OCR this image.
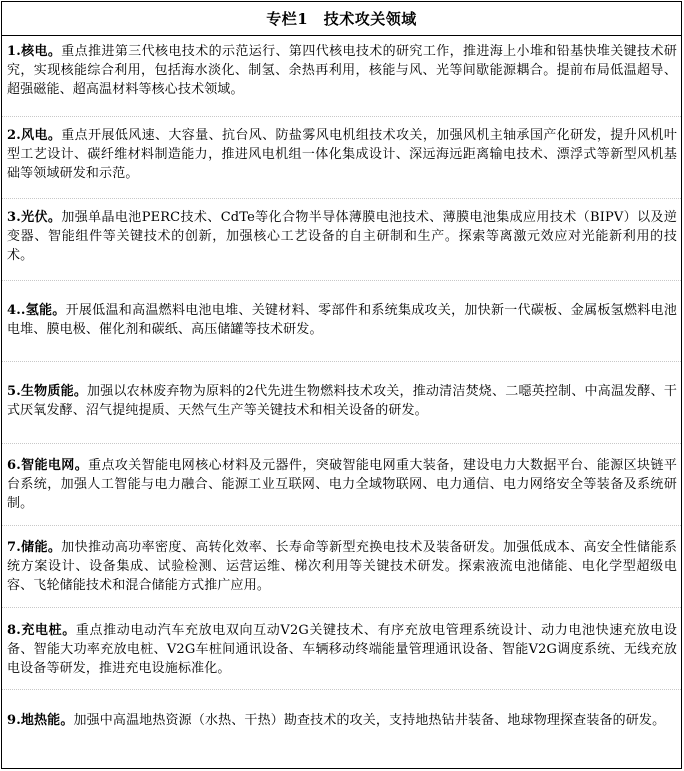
专栏1　技术攻关领域

1.核电。重点推进第三代核电技术的示范运行、第四代核电技术的研究工作，推进海上小堆和铅基快堆关键技术研究，实现核能综合利用，包括海水淡化、制氢、余热再利用，核能与风、光等间歇能源耦合。提前布局低温超导、超强磁能、超高温材料等核心技术领域。

2.风电。重点开展低风速、大容量、抗台风、防盐雾风电机组技术攻关，加强风机主轴承国产化研发，提升风机叶型工艺设计、碳纤维材料制造能力，推进风电机组一体化集成设计、深远海远距离输电技术、漂浮式等新型风机基础等领域研发和示范。

3.光伏。加强单晶电池PERC技术、CdTe等化合物半导体薄膜电池技术、薄膜电池集成应用技术（BIPV）以及逆变器、智能组件等关键技术的创新，加强核心工艺设备的自主研制和生产。探索等离激元效应对光能新利用的技术。

4..氢能。开展低温和高温燃料电池电堆、关键材料、零部件和系统集成攻关，加快新一代碳板、金属板氢燃料电池电堆、膜电极、催化剂和碳纸、高压储罐等技术研发。

5.生物质能。加强以农林废弃物为原料的2代先进生物燃料技术攻关，推动清洁焚烧、二噁英控制、中高温发酵、干式厌氧发酵、沼气提纯提质、天然气生产等关键技术和相关设备的研发。

6.智能电网。重点攻关智能电网核心材料及元器件，突破智能电网重大装备，建设电力大数据平台、能源区块链平台系统，加强人工智能与电力融合、能源工业互联网、电力全域物联网、电力通信、电力网络安全等装备及系统研制。

7.储能。加快推动高功率密度、高转化效率、长寿命等新型充换电技术及装备研发。加强低成本、高安全性储能系统方案设计、设备集成、试验检测、运营运维、梯次利用等关键技术研发。探索液流电池储能、电化学型超级电容、飞轮储能技术和混合储能方式推广应用。

8.充电桩。重点推动电动汽车充放电双向互动V2G关键技术、有序充放电管理系统设计、动力电池快速充放电设备、智能大功率充放电桩、V2G车桩间通讯设备、车辆移动终端能量管理通讯设备、智能V2G调度系统、无线充放电设备等研发，推进充电设施标准化。

9.地热能。加强中高温地热资源（水热、干热）勘查技术的攻关，支持地热钻井装备、地球物理探查装备的研发。
